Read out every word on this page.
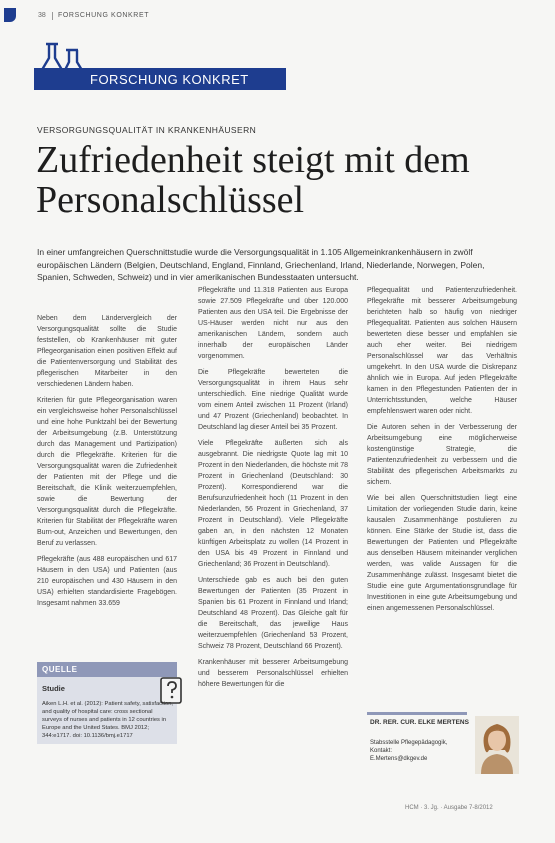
38 FORSCHUNG KONKRET
FORSCHUNG KONKRET
VERSORGUNGSQUALITÄT IN KRANKENHÄUSERN
Zufriedenheit steigt mit dem Personalschlüssel
In einer umfangreichen Querschnittstudie wurde die Versorgungsqualität in 1.105 Allgemeinkrankenhäusern in zwölf europäischen Ländern (Belgien, Deutschland, England, Finnland, Griechenland, Irland, Niederlande, Norwegen, Polen, Spanien, Schweden, Schweiz) und in vier amerikanischen Bundesstaaten untersucht.

Neben dem Ländervergleich der Versorgungsqualität sollte die Studie feststellen, ob Krankenhäuser mit guter Pflegeorganisation einen positiven Effekt auf die Patientenversorgung und Stabilität des pflegerischen Mitarbeiter in den verschiedenen Ländern haben.

Kriterien für gute Pflegeorganisation waren ein vergleichsweise hoher Personalschlüssel und eine hohe Punktzahl bei der Bewertung der Arbeitsumgebung (z.B. Unterstützung durch das Management und Partizipation) durch die Pflegekräfte. Kriterien für die Versorgungsqualität waren die Zufriedenheit der Patienten mit der Pflege und die Bereitschaft, die Klinik weiterzuempfehlen, sowie die Bewertung der Versorgungsqualität durch die Pflegekräfte. Kriterien für Stabilität der Pflegekräfte waren Burn-out, Anzeichen und Bewertungen, den Beruf zu verlassen.

Pflegekräfte (aus 488 europäischen und 617 Häusern in den USA) und Patienten (aus 210 europäischen und 430 Häusern in den USA) erhielten standardisierte Fragebögen. Insgesamt nahmen 33.659

Pflegekräfte und 11.318 Patienten aus Europa sowie 27.509 Pflegekräfte und über 120.000 Patienten aus den USA teil. Die Ergebnisse der US-Häuser werden nicht nur aus den amerikanischen Ländern, sondern auch innerhalb der europäischen Länder vorgenommen.

Die Pflegekräfte bewerteten die Versorgungsqualität in ihrem Haus sehr unterschiedlich. Eine niedrige Qualität wurde vom einem Anteil zwischen 11 Prozent (Irland) und 47 Prozent (Griechenland) beobachtet. In Deutschland lag dieser Anteil bei 35 Prozent.

Viele Pflegekräfte äußerten sich als ausgebrannt. Die niedrigste Quote lag mit 10 Prozent in den Niederlanden, die höchste mit 78 Prozent in Griechenland (Deutschland: 30 Prozent). Korrespondierend war die Berufsunzufriedenheit hoch (11 Prozent in den Niederlanden, 56 Prozent in Griechenland, 37 Prozent in Deutschland). Viele Pflegekräfte gaben an, in den nächsten 12 Monaten künftigen Arbeitsplatz zu wollen (14 Prozent in den USA bis 49 Prozent in Finnland und Griechenland; 36 Prozent in Deutschland).

Unterschiede gab es auch bei den guten Bewertungen der Patienten (35 Prozent in Spanien bis 61 Prozent in Finnland und Irland; Deutschland 48 Prozent). Das Gleiche galt für die Bereitschaft, das jeweilige Haus weiterzuempfehlen (Griechenland 53 Prozent, Schweiz 78 Prozent, Deutschland 66 Prozent).

Krankenhäuser mit besserer Arbeitsumgebung und besserem Personalschlüssel erhielten höhere Bewertungen für die

Pflegequalität und Patientenzufriedenheit. Pflegekräfte mit besserer Arbeitsumgebung berichteten halb so häufig von niedriger Pflegequalität. Patienten aus solchen Häusern bewerteten diese besser und empfahlen sie auch eher weiter. Bei niedrigem Personalschlüssel war das Verhältnis umgekehrt. In den USA wurde die Diskrepanz ähnlich wie in Europa. Auf jeden Pflegekräfte kamen in den Pflegestunden Patienten der in Unterrichtsstunden, welche Häuser empfehlenswert waren oder nicht.

Die Autoren sehen in der Verbesserung der Arbeitsumgebung eine möglicherweise kostengünstige Strategie, die Patientenzufriedenheit zu verbessern und die Stabilität des pflegerischen Arbeitsmarkts zu sichern.

Wie bei allen Querschnittstudien liegt eine Limitation der vorliegenden Studie darin, keine kausalen Zusammenhänge postulieren zu können. Eine Stärke der Studie ist, dass die Bewertungen der Patienten und Pflegekräfte aus denselben Häusern miteinander verglichen werden, was valide Aussagen für die Zusammenhänge zulässt. Insgesamt bietet die Studie eine gute Argumentationsgrundlage für Investitionen in eine gute Arbeitsumgebung und einen angemessenen Personalschlüssel.

QUELLE
Studie
Aiken L.H. et al. (2012): Patient safety, satisfaction, and quality of hospital care: cross sectional surveys of nurses and patients in 12 countries in Europe and the United States. BMJ 2012; 344:e1717. doi: 10.1136/bmj.e1717
DR. RER. CUR. ELKE MERTENS
Stabsstelle Pflegepädagogik,
Kontakt:
E.Mertens@dkgev.de
HCM · 3. Jg. · Ausgabe 7-8/2012
